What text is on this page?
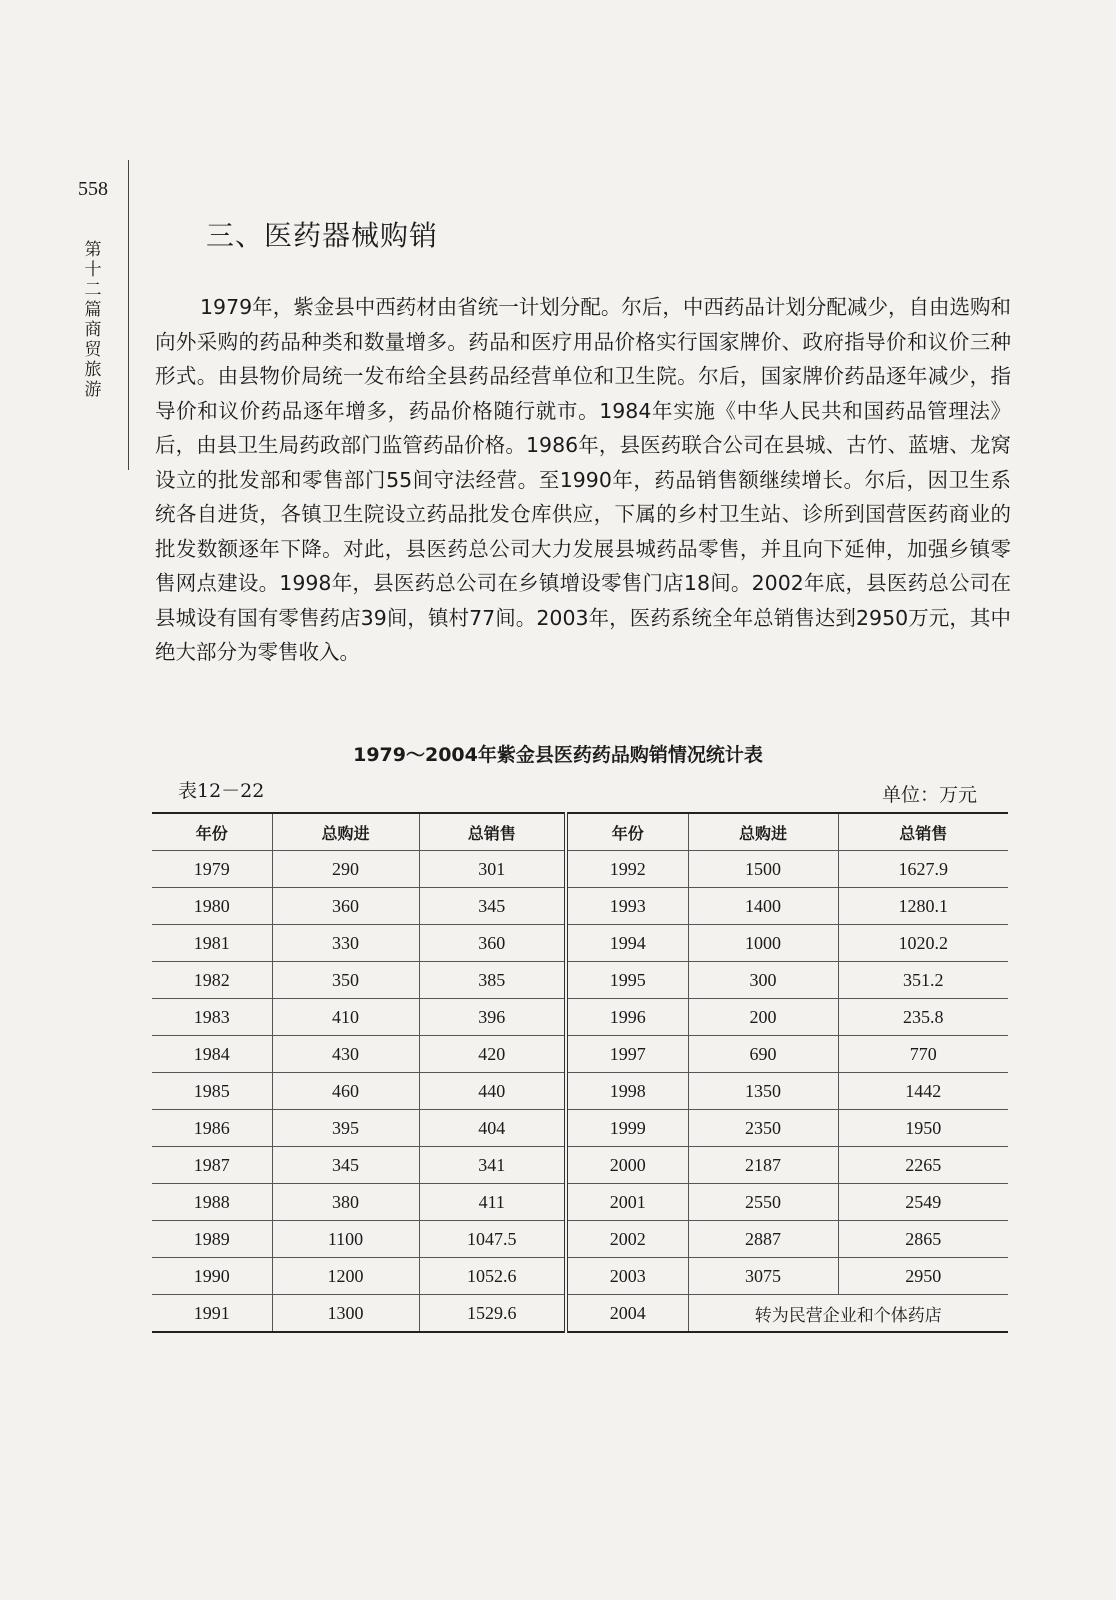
558
第十二篇 商贸 旅游
三、医药器械购销

1979年，紫金县中西药材由省统一计划分配。尔后，中西药品计划分配减少，自由选购和向外采购的药品种类和数量增多。药品和医疗用品价格实行国家牌价、政府指导价和议价三种形式。由县物价局统一发布给全县药品经营单位和卫生院。尔后，国家牌价药品逐年减少，指导价和议价药品逐年增多，药品价格随行就市。1984年实施《中华人民共和国药品管理法》后，由县卫生局药政部门监管药品价格。1986年，县医药联合公司在县城、古竹、蓝塘、龙窝设立的批发部和零售部门55间守法经营。至1990年，药品销售额继续增长。尔后，因卫生系统各自进货，各镇卫生院设立药品批发仓库供应，下属的乡村卫生站、诊所到国营医药商业的批发数额逐年下降。对此，县医药总公司大力发展县城药品零售，并且向下延伸，加强乡镇零售网点建设。1998年，县医药总公司在乡镇增设零售门店18间。2002年底，县医药总公司在县城设有国有零售药店39间，镇村77间。2003年，医药系统全年总销售达到2950万元，其中绝大部分为零售收入。

1979～2004年紫金县医药药品购销情况统计表
表12－22	单位：万元
年份	总购进	总销售	年份	总购进	总销售
1979	290	301	1992	1500	1627.9
1980	360	345	1993	1400	1280.1
1981	330	360	1994	1000	1020.2
1982	350	385	1995	300	351.2
1983	410	396	1996	200	235.8
1984	430	420	1997	690	770
1985	460	440	1998	1350	1442
1986	395	404	1999	2350	1950
1987	345	341	2000	2187	2265
1988	380	411	2001	2550	2549
1989	1100	1047.5	2002	2887	2865
1990	1200	1052.6	2003	3075	2950
1991	1300	1529.6	2004	转为民营企业和个体药店	
